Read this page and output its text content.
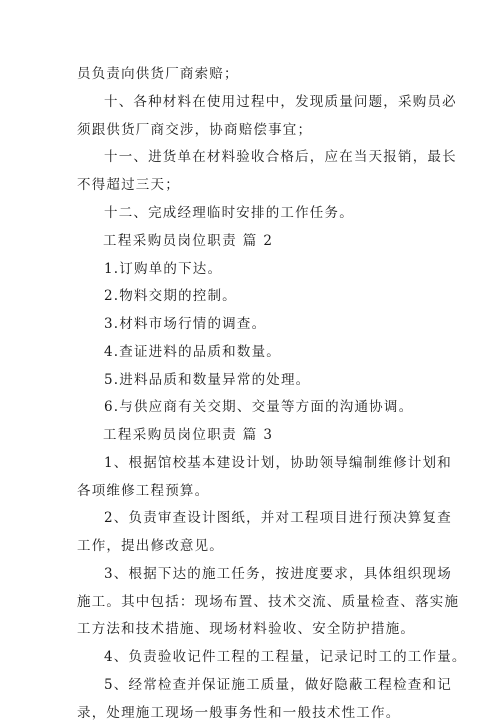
员负责向供货厂商索赔；
十、各种材料在使用过程中，发现质量问题，采购员必
须跟供货厂商交涉，协商赔偿事宜；
十一、进货单在材料验收合格后，应在当天报销，最长
不得超过三天；
十二、完成经理临时安排的工作任务。
工程采购员岗位职责 篇 2
1.订购单的下达。
2.物料交期的控制。
3.材料市场行情的调查。
4.查证进料的品质和数量。
5.进料品质和数量异常的处理。
6.与供应商有关交期、交量等方面的沟通协调。
工程采购员岗位职责 篇 3
1、根据馆校基本建设计划，协助领导编制维修计划和
各项维修工程预算。
2、负责审查设计图纸，并对工程项目进行预决算复查
工作，提出修改意见。
3、根据下达的施工任务，按进度要求，具体组织现场
施工。其中包括：现场布置、技术交流、质量检查、落实施
工方法和技术措施、现场材料验收、安全防护措施。
4、负责验收记件工程的工程量，记录记时工的工作量。
5、经常检查并保证施工质量，做好隐蔽工程检查和记
录，处理施工现场一般事务性和一般技术性工作。
